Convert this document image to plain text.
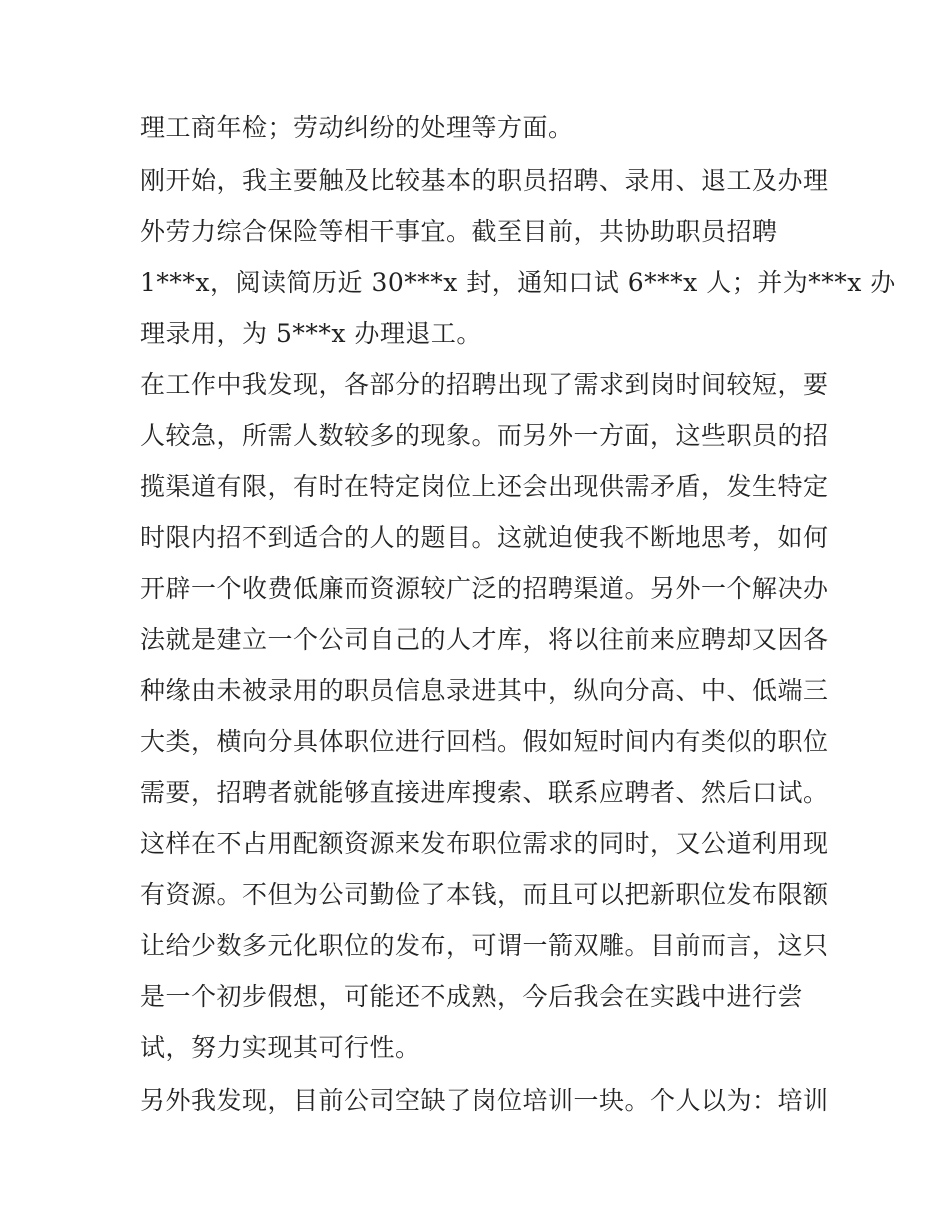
理工商年检；劳动纠纷的处理等方面。
刚开始，我主要触及比较基本的职员招聘、录用、退工及办理
外劳力综合保险等相干事宜。截至目前，共协助职员招聘
1***x，阅读简历近 30***x 封，通知口试 6***x 人；并为***x 办
理录用，为 5***x 办理退工。
在工作中我发现，各部分的招聘出现了需求到岗时间较短，要
人较急，所需人数较多的现象。而另外一方面，这些职员的招
揽渠道有限，有时在特定岗位上还会出现供需矛盾，发生特定
时限内招不到适合的人的题目。这就迫使我不断地思考，如何
开辟一个收费低廉而资源较广泛的招聘渠道。另外一个解决办
法就是建立一个公司自己的人才库，将以往前来应聘却又因各
种缘由未被录用的职员信息录进其中，纵向分高、中、低端三
大类，横向分具体职位进行回档。假如短时间内有类似的职位
需要，招聘者就能够直接进库搜索、联系应聘者、然后口试。
这样在不占用配额资源来发布职位需求的同时，又公道利用现
有资源。不但为公司勤俭了本钱，而且可以把新职位发布限额
让给少数多元化职位的发布，可谓一箭双雕。目前而言，这只
是一个初步假想，可能还不成熟，今后我会在实践中进行尝
试，努力实现其可行性。
另外我发现，目前公司空缺了岗位培训一块。个人以为：培训
